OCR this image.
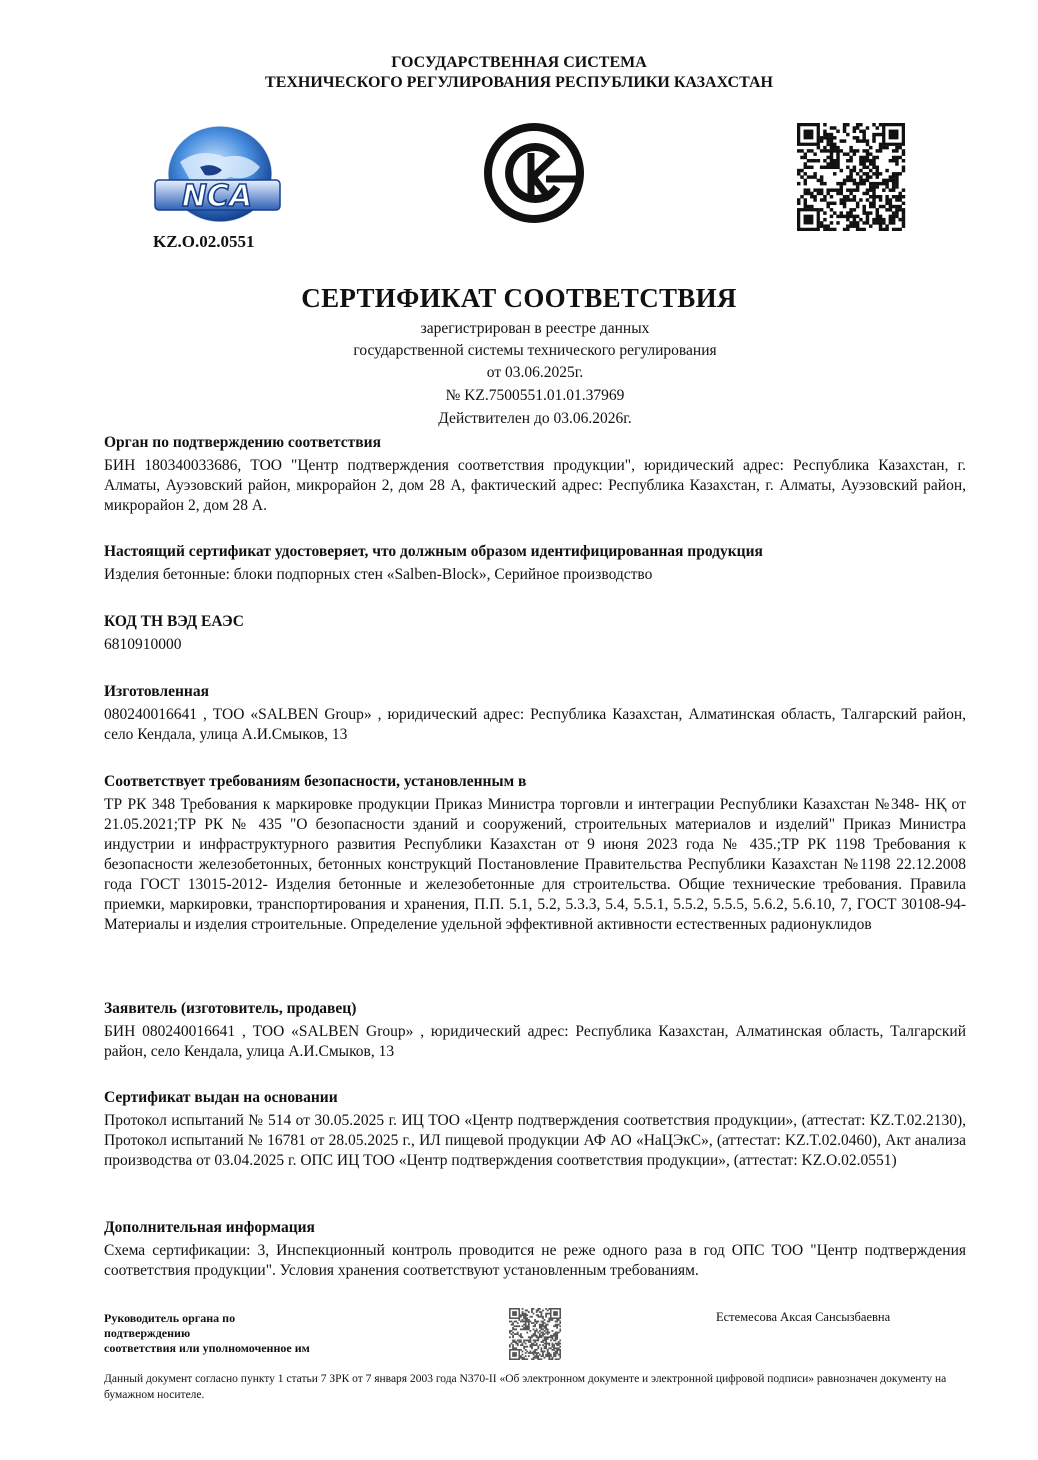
ГОСУДАРСТВЕННАЯ СИСТЕМА
ТЕХНИЧЕСКОГО РЕГУЛИРОВАНИЯ РЕСПУБЛИКИ КАЗАХСТАН
NCA
KZ.O.02.0551
СЕРТИФИКАТ СООТВЕТСТВИЯ
зарегистрирован в реестре данных
государственной системы технического регулирования
от 03.06.2025г.
№ KZ.7500551.01.01.37969
Действителен до 03.06.2026г.
Орган по подтверждению соответствия

БИН 180340033686, ТОО "Центр подтверждения соответствия продукции", юридический адрес: Республика Казахстан, г. Алматы, Ауэзовский район, микрорайон 2, дом 28 А, фактический адрес: Республика Казахстан, г. Алматы, Ауэзовский район, микрорайон 2, дом 28 А.

Настоящий сертификат удостоверяет, что должным образом идентифицированная продукция

Изделия бетонные: блоки подпорных стен «Salben-Block», Серийное производство

КОД ТН ВЭД ЕАЭС

6810910000

Изготовленная

080240016641 , ТОО «SALBEN Group» , юридический адрес: Республика Казахстан, Алматинская область, Талгарский район, село Кендала, улица А.И.Смыков, 13

Соответствует требованиям безопасности, установленным в

ТР РК 348 Требования к маркировке продукции Приказ Министра торговли и интеграции Республики Казахстан №348- НҚ от 21.05.2021;ТР РК № 435 "О безопасности зданий и сооружений, строительных материалов и изделий" Приказ Министра индустрии и инфраструктурного развития Республики Казахстан от 9 июня 2023 года № 435.;ТР РК 1198 Требования к безопасности железобетонных, бетонных конструкций Постановление Правительства Республики Казахстан №1198 22.12.2008 года ГОСТ 13015-2012- Изделия бетонные и железобетонные для строительства. Общие технические требования. Правила приемки, маркировки, транспортирования и хранения, П.П. 5.1, 5.2, 5.3.3, 5.4, 5.5.1, 5.5.2, 5.5.5, 5.6.2, 5.6.10, 7, ГОСТ 30108-94- Материалы и изделия строительные. Определение удельной эффективной активности естественных радионуклидов

Заявитель (изготовитель, продавец)

БИН 080240016641 , ТОО «SALBEN Group» , юридический адрес: Республика Казахстан, Алматинская область, Талгарский район, село Кендала, улица А.И.Смыков, 13

Сертификат выдан на основании

Протокол испытаний № 514 от 30.05.2025 г. ИЦ ТОО «Центр подтверждения соответствия продукции», (аттестат: KZ.T.02.2130), Протокол испытаний № 16781 от 28.05.2025 г., ИЛ пищевой продукции АФ АО «НаЦЭкС», (аттестат: KZ.T.02.0460), Акт анализа производства от 03.04.2025 г. ОПС ИЦ ТОО «Центр подтверждения соответствия продукции», (аттестат: KZ.O.02.0551)

Дополнительная информация

Схема сертификации: 3, Инспекционный контроль проводится не реже одного раза в год ОПС ТОО "Центр подтверждения соответствия продукции". Условия хранения соответствуют установленным требованиям.

Руководитель органа по
подтверждению
соответствия или уполномоченное им
Естемесова Аксая Сансызбаевна
Данный документ согласно пункту 1 статьи 7 ЗРК от 7 января 2003 года N370-II «Об электронном документе и электронной цифровой подписи» равнозначен документу на бумажном носителе.
